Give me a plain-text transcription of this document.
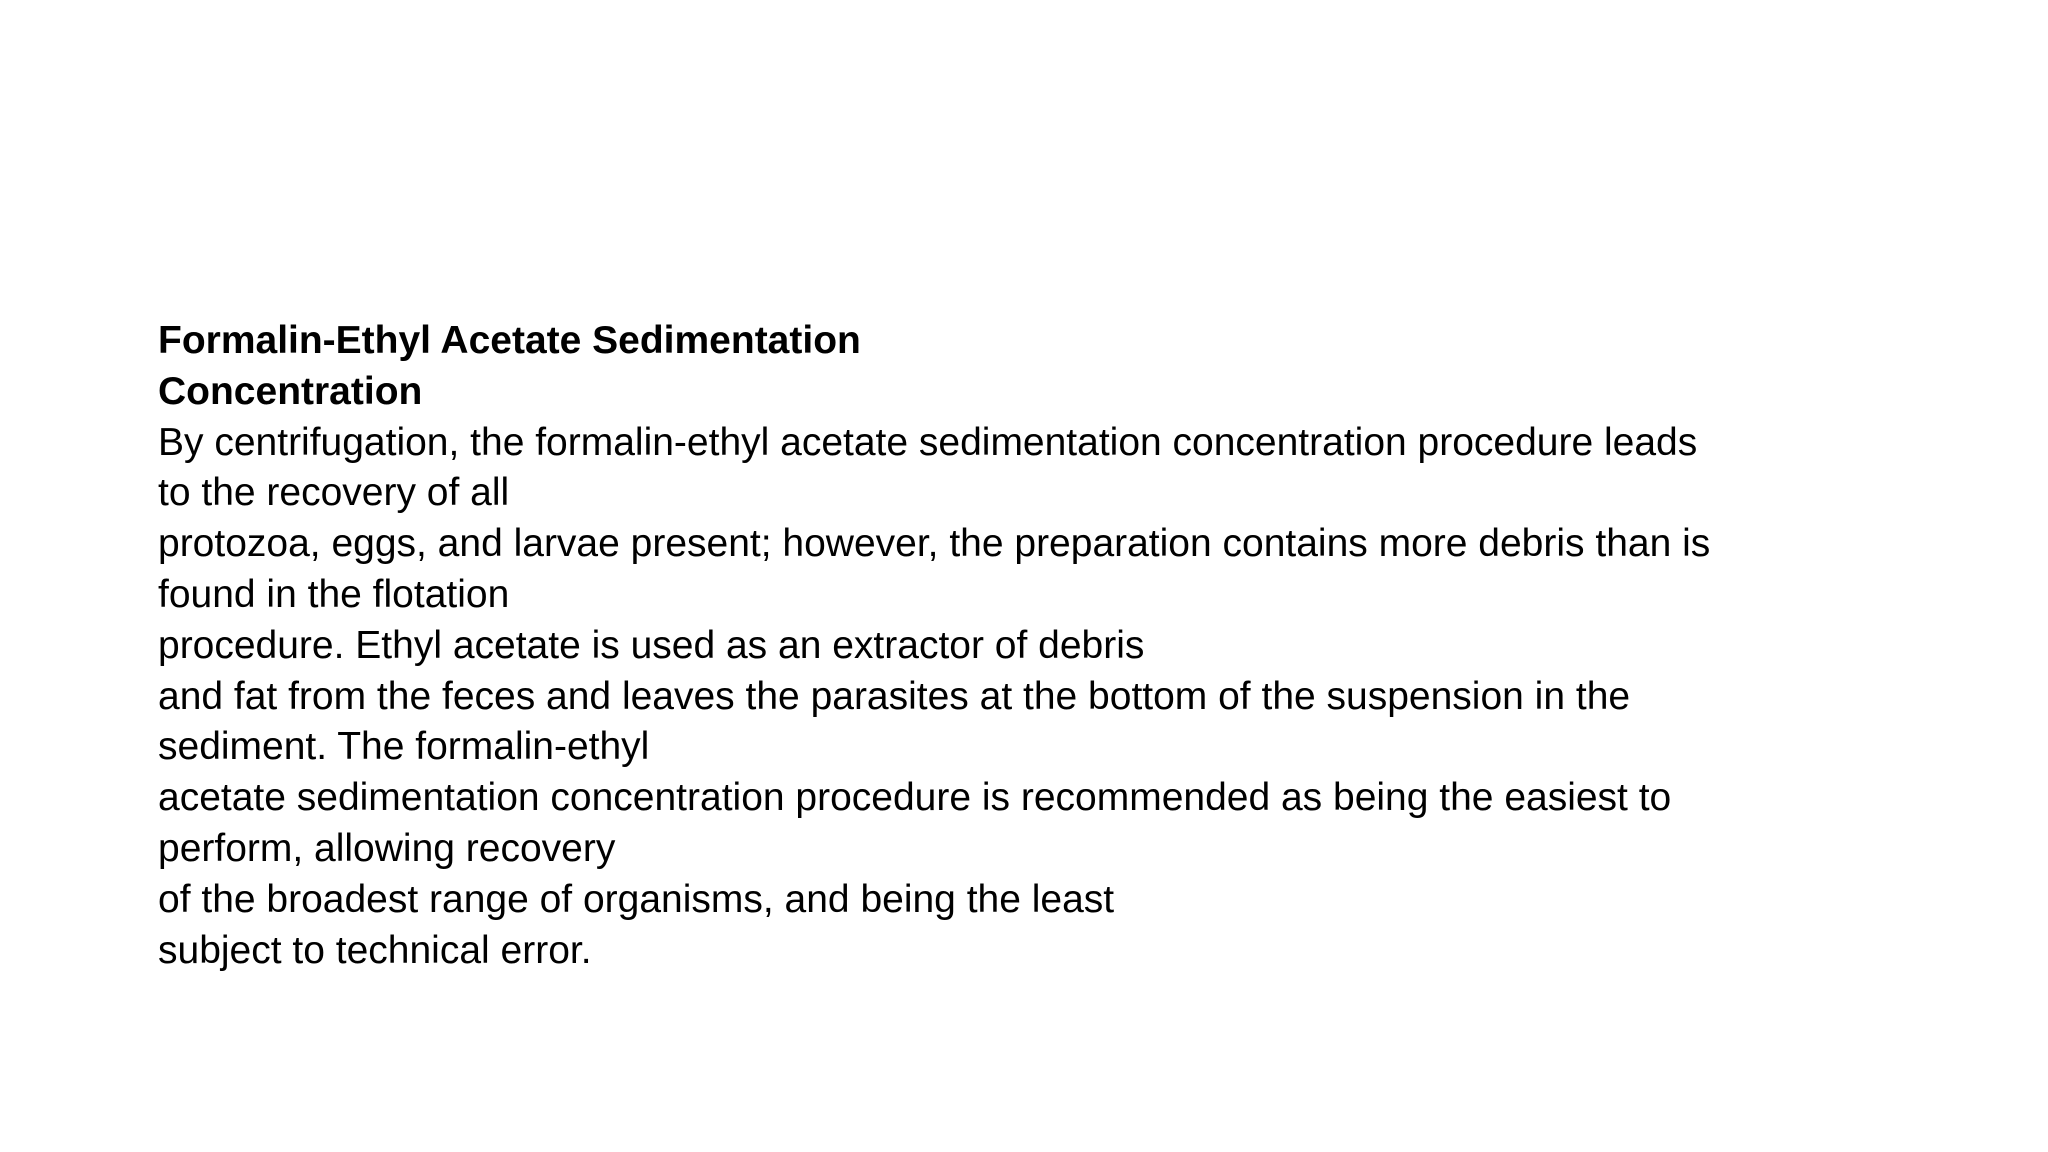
Formalin-Ethyl Acetate Sedimentation
Concentration
By centrifugation, the formalin-ethyl acetate sedimentation concentration procedure leads
to the recovery of all
protozoa, eggs, and larvae present; however, the preparation contains more debris than is
found in the flotation
procedure. Ethyl acetate is used as an extractor of debris
and fat from the feces and leaves the parasites at the bottom of the suspension in the
sediment. The formalin-ethyl
acetate sedimentation concentration procedure is recommended as being the easiest to
perform, allowing recovery
of the broadest range of organisms, and being the least
subject to technical error.
